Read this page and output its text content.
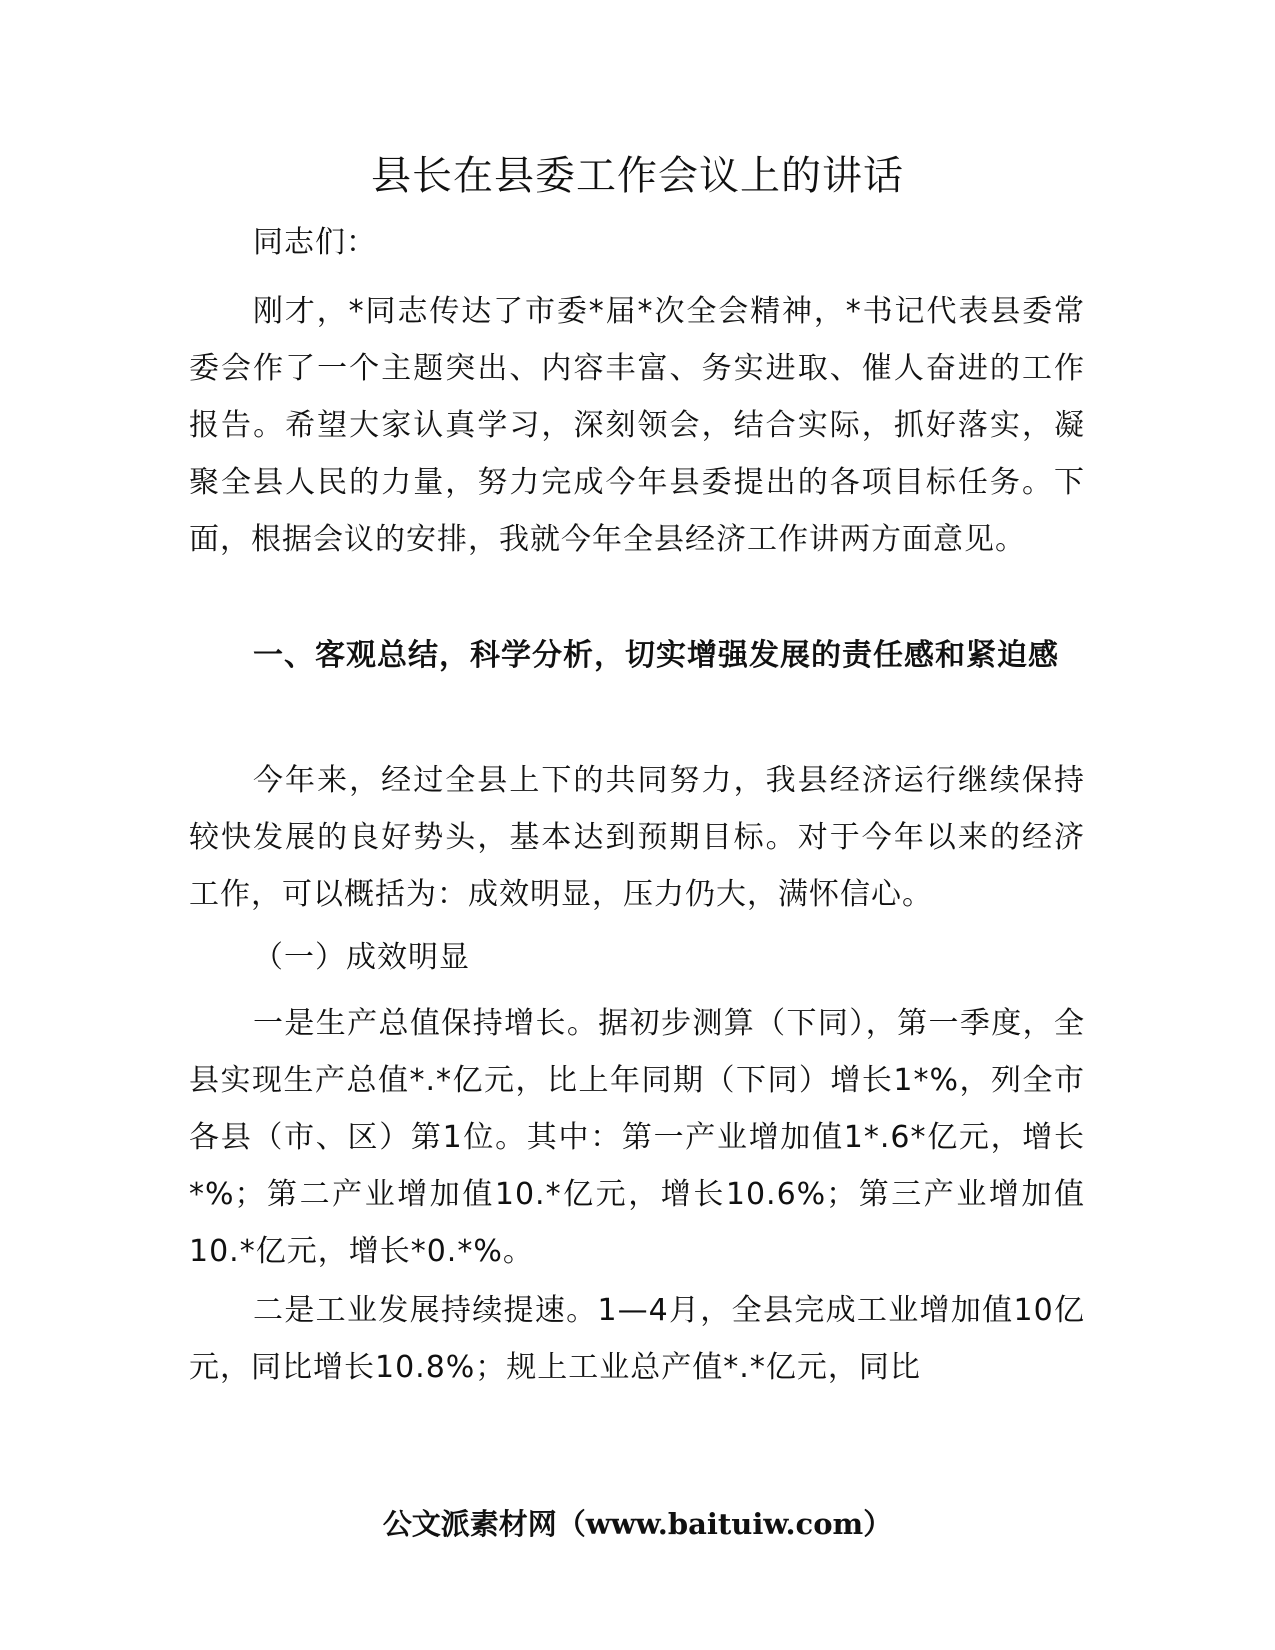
县长在县委工作会议上的讲话

同志们：

刚才，*同志传达了市委*届*次全会精神，*书记代表县委常委会作了一个主题突出、内容丰富、务实进取、催人奋进的工作报告。希望大家认真学习，深刻领会，结合实际，抓好落实，凝聚全县人民的力量，努力完成今年县委提出的各项目标任务。下面，根据会议的安排，我就今年全县经济工作讲两方面意见。

一、客观总结，科学分析，切实增强发展的责任感和紧迫感

今年来，经过全县上下的共同努力，我县经济运行继续保持较快发展的良好势头，基本达到预期目标。对于今年以来的经济工作，可以概括为：成效明显，压力仍大，满怀信心。

（一）成效明显

一是生产总值保持增长。据初步测算（下同），第一季度，全县实现生产总值*.*亿元，比上年同期（下同）增长1*%，列全市各县（市、区）第1位。其中：第一产业增加值1*.6*亿元，增长*%；第二产业增加值10.*亿元，增长10.6%；第三产业增加值10.*亿元，增长*0.*%。

二是工业发展持续提速。1—4月，全县完成工业增加值10亿元，同比增长10.8%；规上工业总产值*.*亿元，同比

公文派素材网（www.baituiw.com）
